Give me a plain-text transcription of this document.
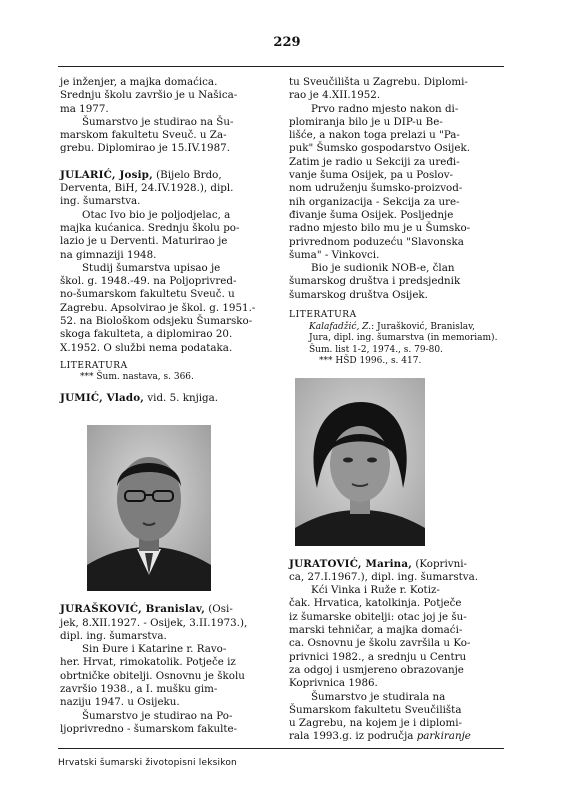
229

je inženjer, a majka domaćica.

Srednju školu završio je u Našica-

ma 1977.

Šumarstvo je studirao na Šu-

marskom fakultetu Sveuč. u Za-

grebu. Diplomirao je 15.IV.1987.

JULARIĆ, Josip, (Bijelo Brdo,

Derventa, BiH, 24.IV.1928.), dipl.

ing. šumarstva.

Otac Ivo bio je poljodjelac, a

majka kućanica. Srednju školu po-

lazio je u Derventi. Maturirao je

na gimnaziji 1948.

Studij šumarstva upisao je

škol. g. 1948.-49. na Poljoprivred-

no-šumarskom fakultetu Sveuč. u

Zagrebu. Apsolvirao je škol. g. 1951.-

52. na Biološkom odsjeku Šumarsko-

skoga fakulteta, a diplomirao 20.

X.1952. O službi nema podataka.

LITERATURA

*** Šum. nastava, s. 366.

JUMIĆ, Vlado, vid. 5. knjiga.

JURAŠKOVIĆ, Branislav, (Osi-

jek, 8.XII.1927. - Osijek, 3.II.1973.),

dipl. ing. šumarstva.

Sin Đure i Katarine r. Ravo-

her. Hrvat, rimokatolik. Potječe iz

obrtničke obitelji. Osnovnu je školu

završio 1938., a I. mušku gim-

naziju 1947. u Osijeku.

Šumarstvo je studirao na Po-

ljoprivredno - šumarskom fakulte-

tu Sveučilišta u Zagrebu. Diplomi-

rao je 4.XII.1952.

Prvo radno mjesto nakon di-

plomiranja bilo je u DIP-u Be-

lišće, a nakon toga prelazi u "Pa-

puk" Šumsko gospodarstvo Osijek.

Zatim je radio u Sekciji za uređi-

vanje šuma Osijek, pa u Poslov-

nom udruženju šumsko-proizvod-

nih organizacija - Sekcija za ure-

đivanje šuma Osijek. Posljednje

radno mjesto bilo mu je u Šumsko-

privrednom poduzeću "Slavonska

šuma" - Vinkovci.

Bio je sudionik NOB-e, član

šumarskog društva i predsjednik

šumarskog društva Osijek.

LITERATURA

Kalafadžić, Z.: Jurašković, Branislav,

Jura, dipl. ing. šumarstva (in memoriam).

Šum. list 1-2, 1974., s. 79-80.

*** HŠD 1996., s. 417.

JURATOVIĆ, Marina, (Koprivni-

ca, 27.I.1967.), dipl. ing. šumarstva.

Kći Vinka i Ruže r. Kotiz-

čak. Hrvatica, katolkinja. Potječe

iz šumarske obitelji: otac joj je šu-

marski tehničar, a majka domaći-

ca. Osnovnu je školu završila u Ko-

privnici 1982., a srednju u Centru

za odgoj i usmjereno obrazovanje

Koprivnica 1986.

Šumarstvo je studirala na

Šumarskom fakultetu Sveučilišta

u Zagrebu, na kojem je i diplomi-

rala 1993.g. iz područja parkiranje

Hrvatski šumarski životopisni leksikon
